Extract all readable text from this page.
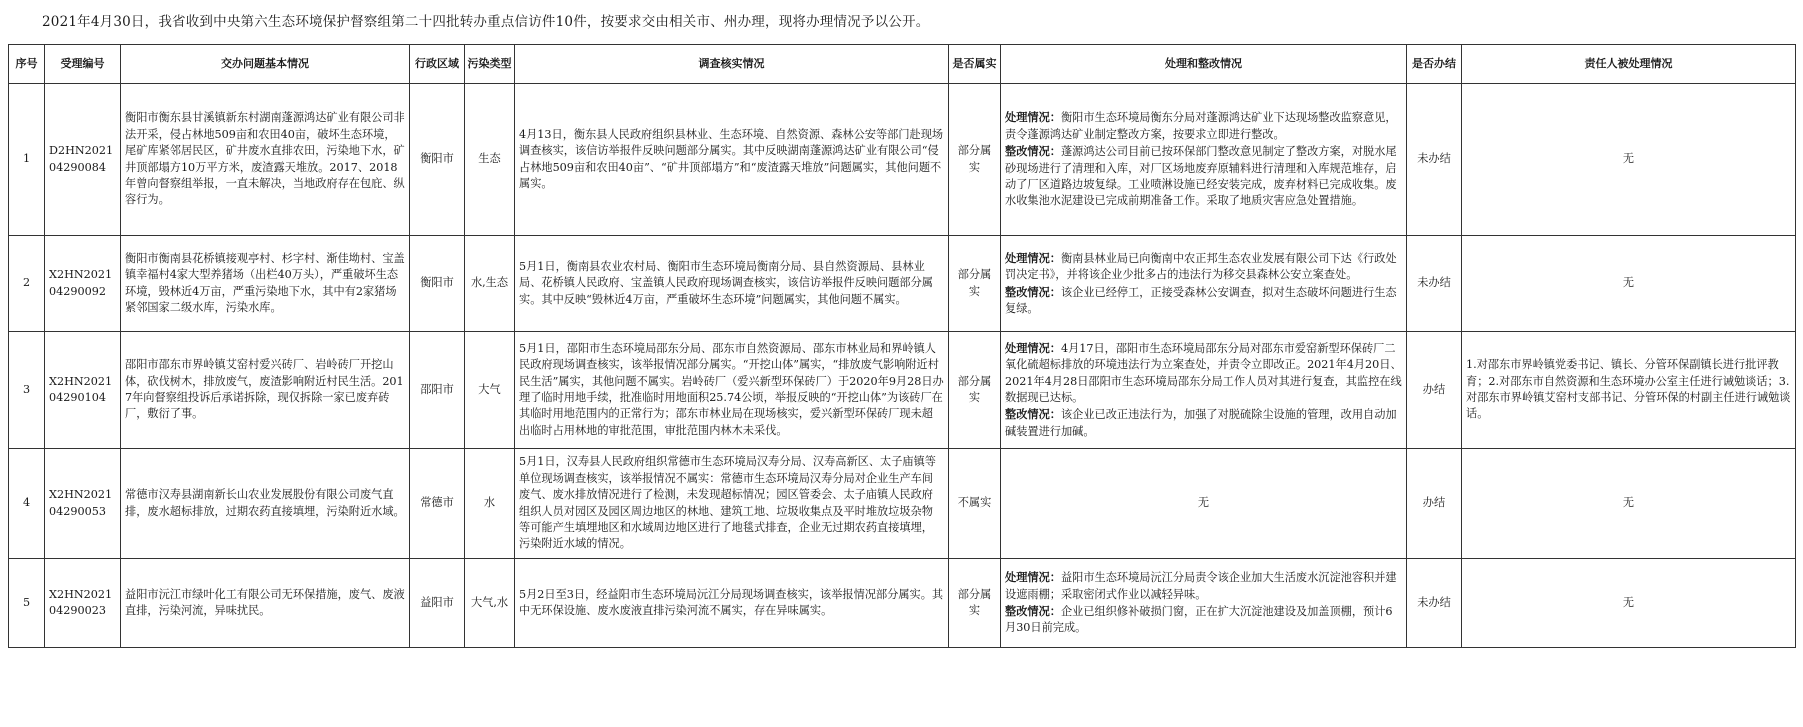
2021年4月30日，我省收到中央第六生态环境保护督察组第二十四批转办重点信访件10件，按要求交由相关市、州办理，现将办理情况予以公开。
序号	受理编号	交办问题基本情况	行政区域	污染类型	调查核实情况	是否属实	处理和整改情况	是否办结	责任人被处理情况
1	D2HN2021 04290084	衡阳市衡东县甘溪镇新东村湖南蓬源鸿达矿业有限公司非法开采，侵占林地509亩和农田40亩，破坏生态环境，尾矿库紧邻居民区，矿井废水直排农田，污染地下水，矿井顶部塌方10万平方米，废渣露天堆放。2017、2018年曾向督察组举报，一直未解决，当地政府存在包庇、纵容行为。	衡阳市	生态	4月13日，衡东县人民政府组织县林业、生态环境、自然资源、森林公安等部门赴现场调查核实，该信访举报件反映问题部分属实。其中反映湖南蓬源鸿达矿业有限公司“侵占林地509亩和农田40亩”、“矿井顶部塌方”和“废渣露天堆放”问题属实，其他问题不属实。	部分属实	处理情况：衡阳市生态环境局衡东分局对蓬源鸿达矿业下达现场整改监察意见，责令蓬源鸿达矿业制定整改方案，按要求立即进行整改。
整改情况：蓬源鸿达公司目前已按环保部门整改意见制定了整改方案，对脱水尾砂现场进行了清理和入库，对厂区场地废弃原辅料进行清理和入库规范堆存，启动了厂区道路边坡复绿。工业喷淋设施已经安装完成，废弃材料已完成收集。废水收集池水泥建设已完成前期准备工作。采取了地质灾害应急处置措施。	未办结	无
2	X2HN2021 04290092	衡阳市衡南县花桥镇接观亭村、杉字村、渐佳坳村、宝盖镇幸福村4家大型养猪场（出栏40万头），严重破坏生态环境，毁林近4万亩，严重污染地下水，其中有2家猪场紧邻国家二级水库，污染水库。	衡阳市	水,生态	5月1日，衡南县农业农村局、衡阳市生态环境局衡南分局、县自然资源局、县林业局、花桥镇人民政府、宝盖镇人民政府现场调查核实，该信访举报件反映问题部分属实。其中反映“毁林近4万亩，严重破坏生态环境”问题属实，其他问题不属实。	部分属实	处理情况：衡南县林业局已向衡南中农正邦生态农业发展有限公司下达《行政处罚决定书》，并将该企业少批多占的违法行为移交县森林公安立案查处。
整改情况：该企业已经停工，正接受森林公安调查，拟对生态破坏问题进行生态复绿。	未办结	无
3	X2HN2021 04290104	邵阳市邵东市界岭镇艾窑村爱兴砖厂、岩岭砖厂开挖山体，砍伐树木，排放废气，废渣影响附近村民生活。2017年向督察组投诉后承诺拆除，现仅拆除一家已废弃砖厂，敷衍了事。	邵阳市	大气	5月1日，邵阳市生态环境局邵东分局、邵东市自然资源局、邵东市林业局和界岭镇人民政府现场调查核实，该举报情况部分属实。“开挖山体”属实，“排放废气影响附近村民生活”属实，其他问题不属实。岩岭砖厂（爱兴新型环保砖厂）于2020年9月28日办理了临时用地手续，批准临时用地面积25.74公顷，举报反映的“开挖山体”为该砖厂在其临时用地范围内的正常行为；邵东市林业局在现场核实，爱兴新型环保砖厂现未超出临时占用林地的审批范围，审批范围内林木未采伐。	部分属实	处理情况：4月17日，邵阳市生态环境局邵东分局对邵东市爱窑新型环保砖厂二氧化硫超标排放的环境违法行为立案查处，并责令立即改正。2021年4月20日、2021年4月28日邵阳市生态环境局邵东分局工作人员对其进行复查，其监控在线数据现已达标。
整改情况：该企业已改正违法行为，加强了对脱硫除尘设施的管理，改用自动加碱装置进行加碱。	办结	1.对邵东市界岭镇党委书记、镇长、分管环保副镇长进行批评教育；2.对邵东市自然资源和生态环境办公室主任进行诫勉谈话；3.对邵东市界岭镇艾窑村支部书记、分管环保的村副主任进行诫勉谈话。
4	X2HN2021 04290053	常德市汉寿县湖南新长山农业发展股份有限公司废气直排，废水超标排放，过期农药直接填埋，污染附近水域。	常德市	水	5月1日，汉寿县人民政府组织常德市生态环境局汉寿分局、汉寿高新区、太子庙镇等单位现场调查核实，该举报情况不属实：常德市生态环境局汉寿分局对企业生产车间废气、废水排放情况进行了检测，未发现超标情况；园区管委会、太子庙镇人民政府组织人员对园区及园区周边地区的林地、建筑工地、垃圾收集点及平时堆放垃圾杂物等可能产生填埋地区和水域周边地区进行了地毯式排查，企业无过期农药直接填埋，污染附近水域的情况。	不属实	无	办结	无
5	X2HN2021 04290023	益阳市沅江市绿叶化工有限公司无环保措施，废气、废液直排，污染河流，异味扰民。	益阳市	大气,水	5月2日至3日，经益阳市生态环境局沅江分局现场调查核实，该举报情况部分属实。其中无环保设施、废水废液直排污染河流不属实，存在异味属实。	部分属实	处理情况：益阳市生态环境局沅江分局责令该企业加大生活废水沉淀池容积并建设遮雨棚；采取密闭式作业以减轻异味。
整改情况：企业已组织修补破损门窗，正在扩大沉淀池建设及加盖顶棚，预计6月30日前完成。	未办结	无
